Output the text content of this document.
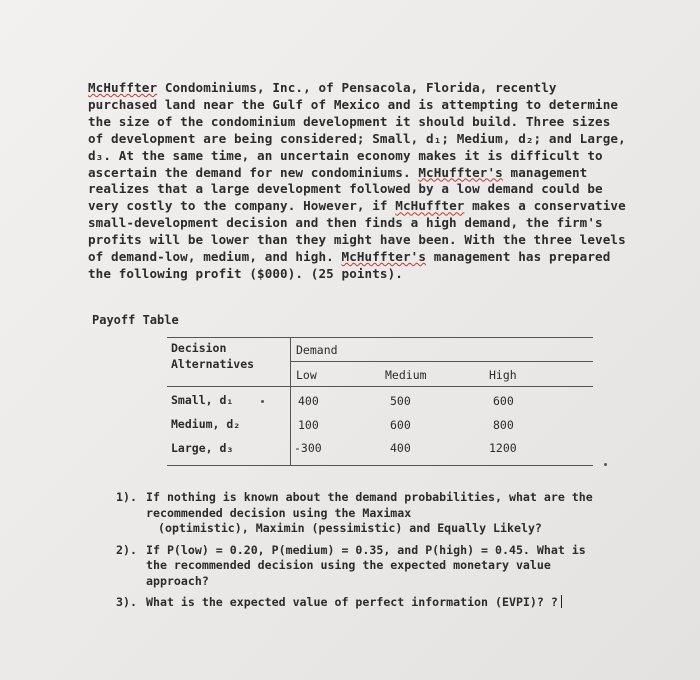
McHuffter Condominiums, Inc., of Pensacola, Florida, recently

purchased land near the Gulf of Mexico and is attempting to determine

the size of the condominium development it should build. Three sizes

of development are being considered; Small, d₁; Medium, d₂; and Large,

d₃. At the same time, an uncertain economy makes it is difficult to

ascertain the demand for new condominiums. McHuffter's management

realizes that a large development followed by a low demand could be

very costly to the company. However, if McHuffter makes a conservative

small-development decision and then finds a high demand, the firm's

profits will be lower than they might have been. With the three levels

of demand-low, medium, and high. McHuffter's management has prepared

the following profit ($000). (25 points).

Payoff Table

Decision

Alternatives

Demand

Low	Medium	High

Small, d₁	400	500	600

Medium, d₂	100	600	800

Large, d₃	-300	400	1200

1). If nothing is known about the demand probabilities, what are the

recommended decision using the Maximax

(optimistic), Maximin (pessimistic) and Equally Likely?

2). If P(low) = 0.20, P(medium) = 0.35, and P(high) = 0.45. What is

the recommended decision using the expected monetary value

approach?

3). What is the expected value of perfect information (EVPI)? ?
